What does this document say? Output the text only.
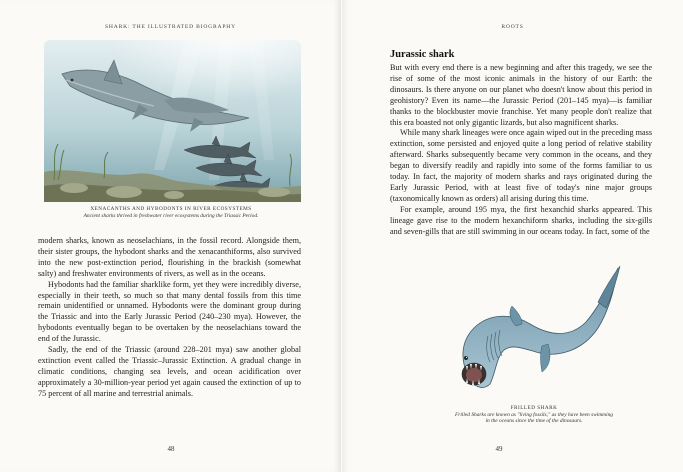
SHARK: THE ILLUSTRATED BIOGRAPHY
XENACANTHS AND HYBODONTS IN RIVER ECOSYSTEMS
Ancient sharks thrived in freshwater river ecosystems during the Triassic Period.

modern sharks, known as neoselachians, in the fossil record. Alongside them, their sister groups, the hybodont sharks and the xenacanthiforms, also survived into the new post-extinction period, flourishing in the brackish (somewhat salty) and freshwater environments of rivers, as well as in the oceans.

Hybodonts had the familiar sharklike form, yet they were incredibly diverse, especially in their teeth, so much so that many dental fossils from this time remain unidentified or unnamed. Hybodonts were the dominant group during the Triassic and into the Early Jurassic Period (240–230 mya). However, the hybodonts eventually began to be overtaken by the neoselachians toward the end of the Jurassic.

Sadly, the end of the Triassic (around 228–201 mya) saw another global extinction event called the Triassic–Jurassic Extinction. A gradual change in climatic conditions, changing sea levels, and ocean acidification over approximately a 30-million-year period yet again caused the extinction of up to 75 percent of all marine and terrestrial animals.

48
ROOTS
Jurassic shark

But with every end there is a new beginning and after this tragedy, we see the rise of some of the most iconic animals in the history of our Earth: the dinosaurs. Is there anyone on our planet who doesn't know about this period in geohistory? Even its name—the Jurassic Period (201–145 mya)—is familiar thanks to the blockbuster movie franchise. Yet many people don't realize that this era boasted not only gigantic lizards, but also magnificent sharks.

While many shark lineages were once again wiped out in the preceding mass extinction, some persisted and enjoyed quite a long period of relative stability afterward. Sharks subsequently became very common in the oceans, and they began to diversify readily and rapidly into some of the forms familiar to us today. In fact, the majority of modern sharks and rays originated during the Early Jurassic Period, with at least five of today's nine major groups (taxonomically known as orders) all arising during this time.

For example, around 195 mya, the first hexanchid sharks appeared. This lineage gave rise to the modern hexanchiform sharks, including the six-gills and seven-gills that are still swimming in our oceans today. In fact, some of the

FRILLED SHARK
Frilled Sharks are known as "living fossils," as they have been swimming in the oceans since the time of the dinosaurs.
49
